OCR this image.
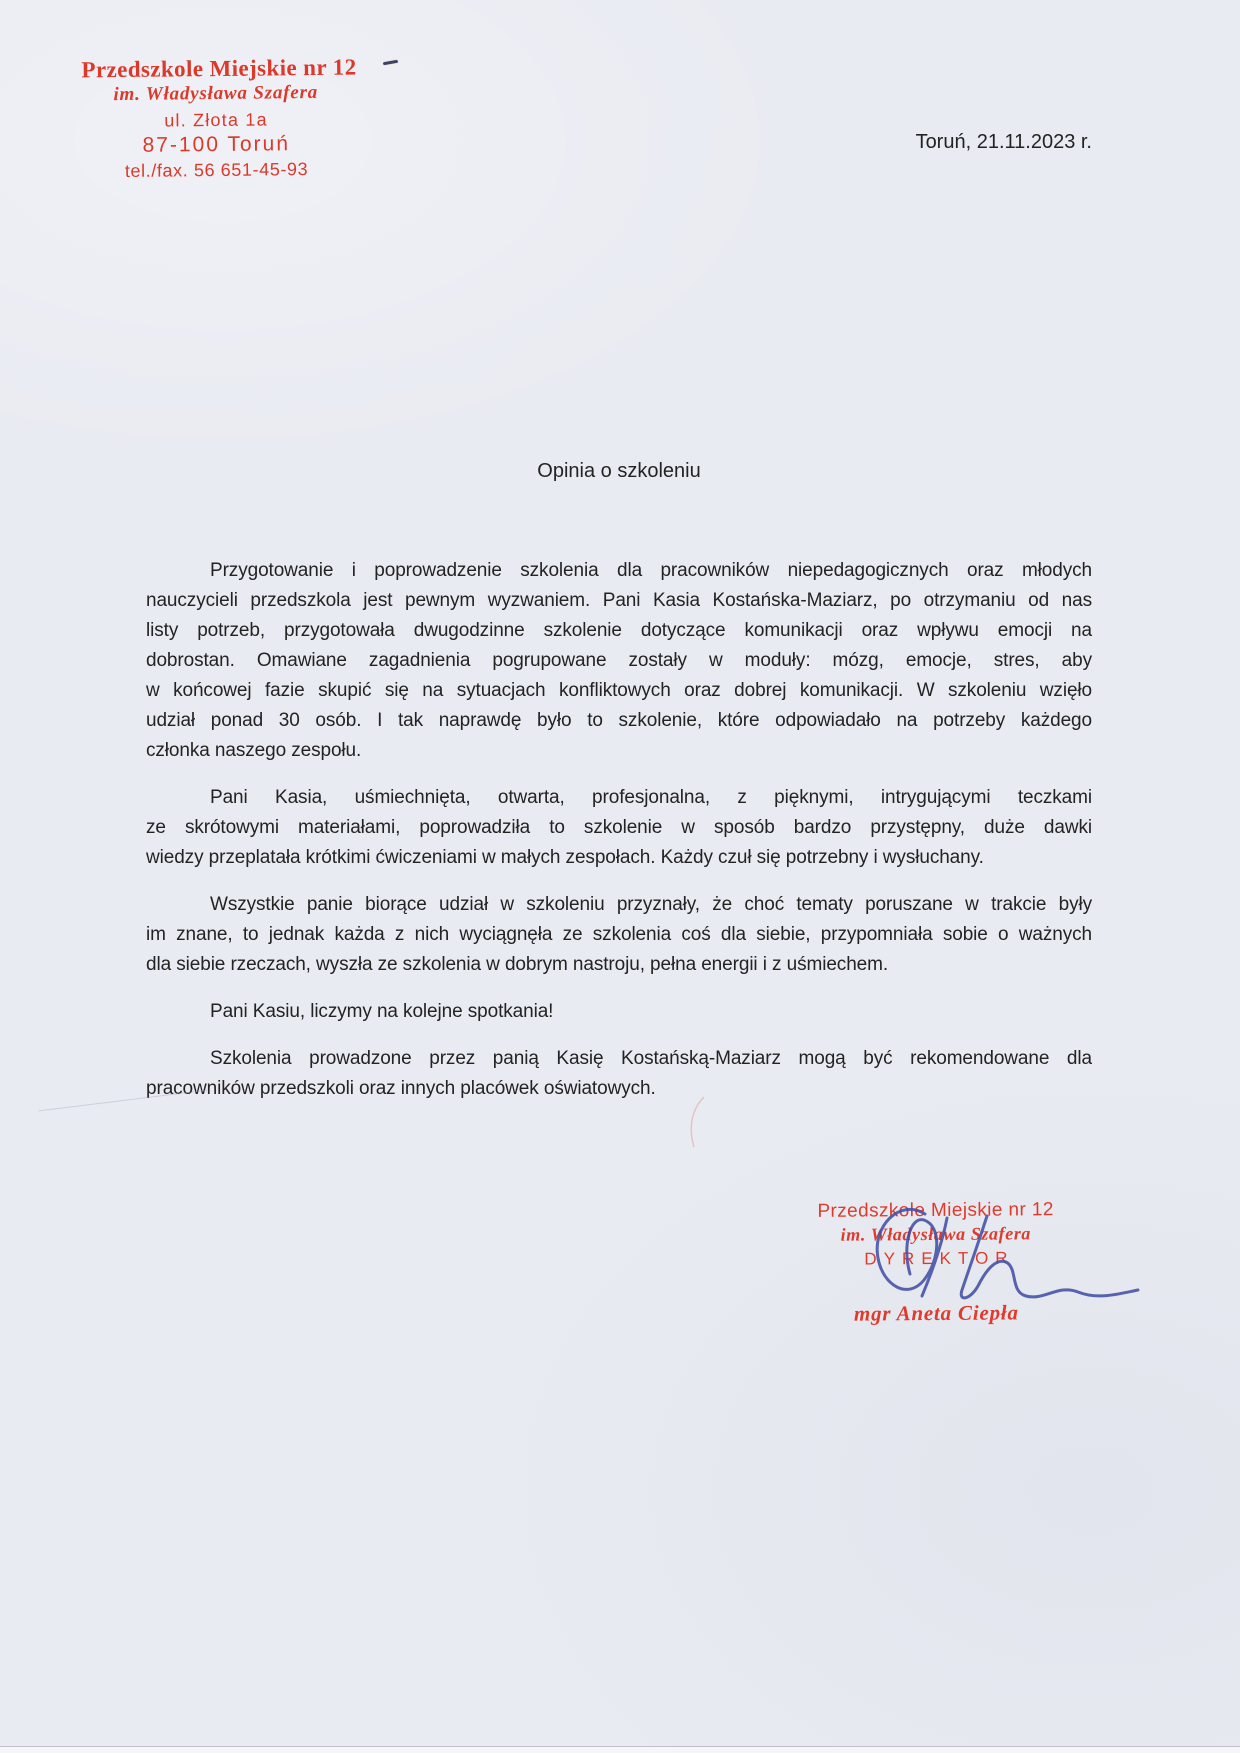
Przedszkole Miejskie nr 12
im. Władysława Szafera
ul. Złota 1a
87-100 Toruń
tel./fax. 56 651-45-93
Toruń, 21.11.2023 r.
Opinia o szkoleniu
Przygotowanie i poprowadzenie szkolenia dla pracowników niepedagogicznych oraz młodych
nauczycieli przedszkola jest pewnym wyzwaniem. Pani Kasia Kostańska-Maziarz, po otrzymaniu od nas
listy potrzeb, przygotowała dwugodzinne szkolenie dotyczące komunikacji oraz wpływu emocji na
dobrostan. Omawiane zagadnienia pogrupowane zostały w moduły: mózg, emocje, stres, aby
w końcowej fazie skupić się na sytuacjach konfliktowych oraz dobrej komunikacji. W szkoleniu wzięło
udział ponad 30 osób. I tak naprawdę było to szkolenie, które odpowiadało na potrzeby każdego
członka naszego zespołu.
Pani Kasia, uśmiechnięta, otwarta, profesjonalna, z pięknymi, intrygującymi teczkami
ze skrótowymi materiałami, poprowadziła to szkolenie w sposób bardzo przystępny, duże dawki
wiedzy przeplatała krótkimi ćwiczeniami w małych zespołach. Każdy czuł się potrzebny i wysłuchany.
Wszystkie panie biorące udział w szkoleniu przyznały, że choć tematy poruszane w trakcie były
im znane, to jednak każda z nich wyciągnęła ze szkolenia coś dla siebie, przypomniała sobie o ważnych
dla siebie rzeczach, wyszła ze szkolenia w dobrym nastroju, pełna energii i z uśmiechem.
Pani Kasiu, liczymy na kolejne spotkania!
Szkolenia prowadzone przez panią Kasię Kostańską-Maziarz mogą być rekomendowane dla
pracowników przedszkoli oraz innych placówek oświatowych.
Przedszkole Miejskie nr 12
im. Władysława Szafera
DYREKTOR
mgr Aneta Ciepła
